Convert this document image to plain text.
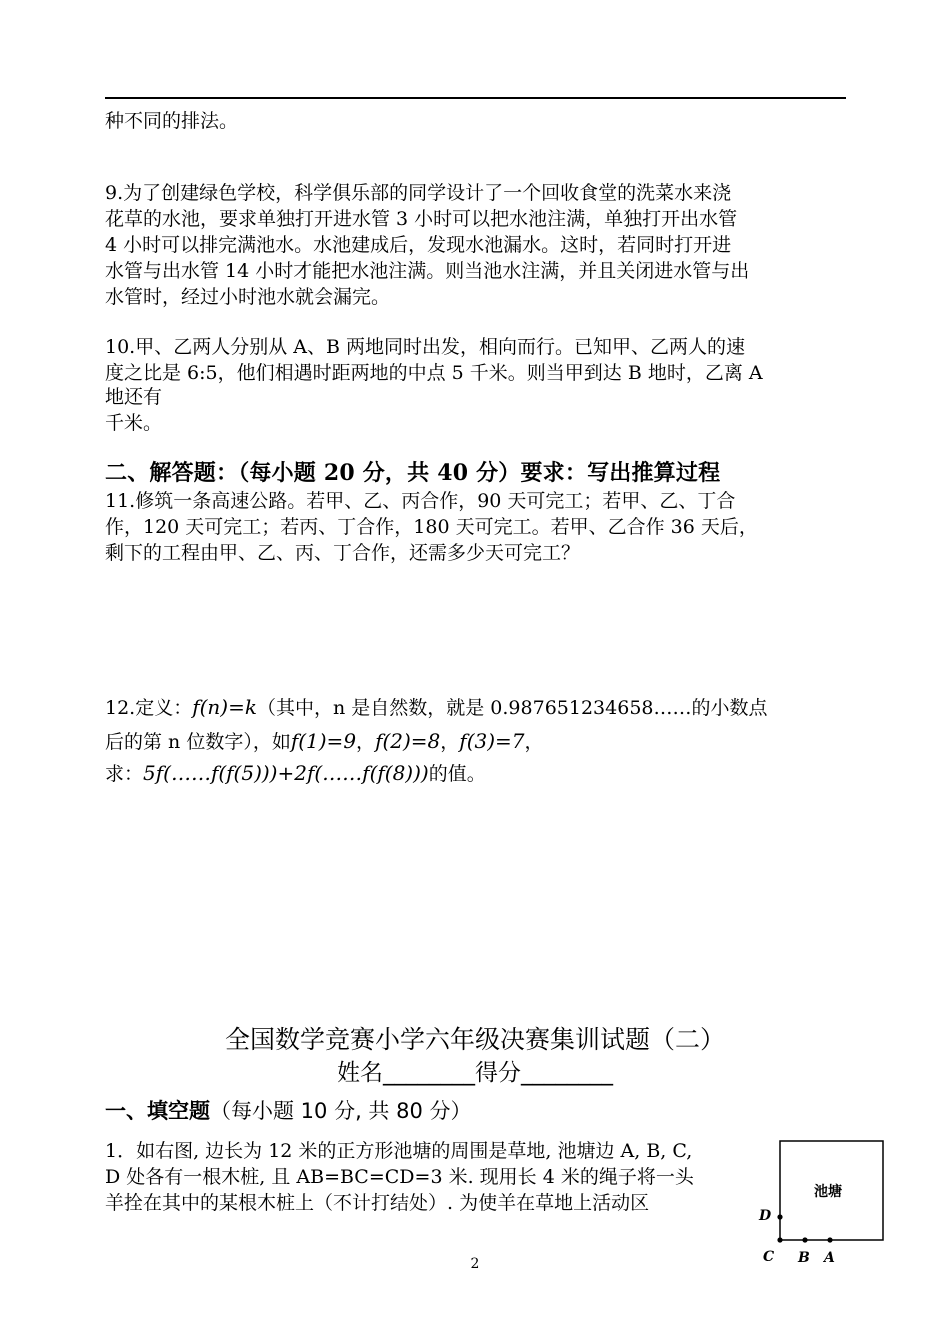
种不同的排法。

9.为了创建绿色学校，科学俱乐部的同学设计了一个回收食堂的洗菜水来浇

花草的水池，要求单独打开进水管 3 小时可以把水池注满，单独打开出水管

4 小时可以排完满池水。水池建成后，发现水池漏水。这时，若同时打开进

水管与出水管 14 小时才能把水池注满。则当池水注满，并且关闭进水管与出

水管时，经过小时池水就会漏完。

10.甲、乙两人分别从 A、B 两地同时出发，相向而行。已知甲、乙两人的速

度之比是 6:5，他们相遇时距两地的中点 5 千米。则当甲到达 B 地时，乙离 A

地还有

千米。

二、解答题：（每小题 20 分，共 40 分）要求：写出推算过程

11.修筑一条高速公路。若甲、乙、丙合作，90 天可完工；若甲、乙、丁合

作，120 天可完工；若丙、丁合作，180 天可完工。若甲、乙合作 36 天后，

剩下的工程由甲、乙、丙、丁合作，还需多少天可完工？

12.定义：f(n)=k（其中，n 是自然数，就是 0.987651234658……的小数点

后的第 n 位数字），如f(1)=9，f(2)=8，f(3)=7，

求：5f(……f(f(5)))+2f(……f(f(8)))的值。

全国数学竞赛小学六年级决赛集训试题（二）
姓名________得分________

一、填空题（每小题 10 分, 共 80 分）

1．如右图, 边长为 12 米的正方形池塘的周围是草地, 池塘边 A, B, C,

D 处各有一根木桩, 且 AB=BC=CD=3 米. 现用长 4 米的绳子将一头

羊拴在其中的某根木桩上（不计打结处）. 为使羊在草地上活动区	池塘
D
C B A
2
